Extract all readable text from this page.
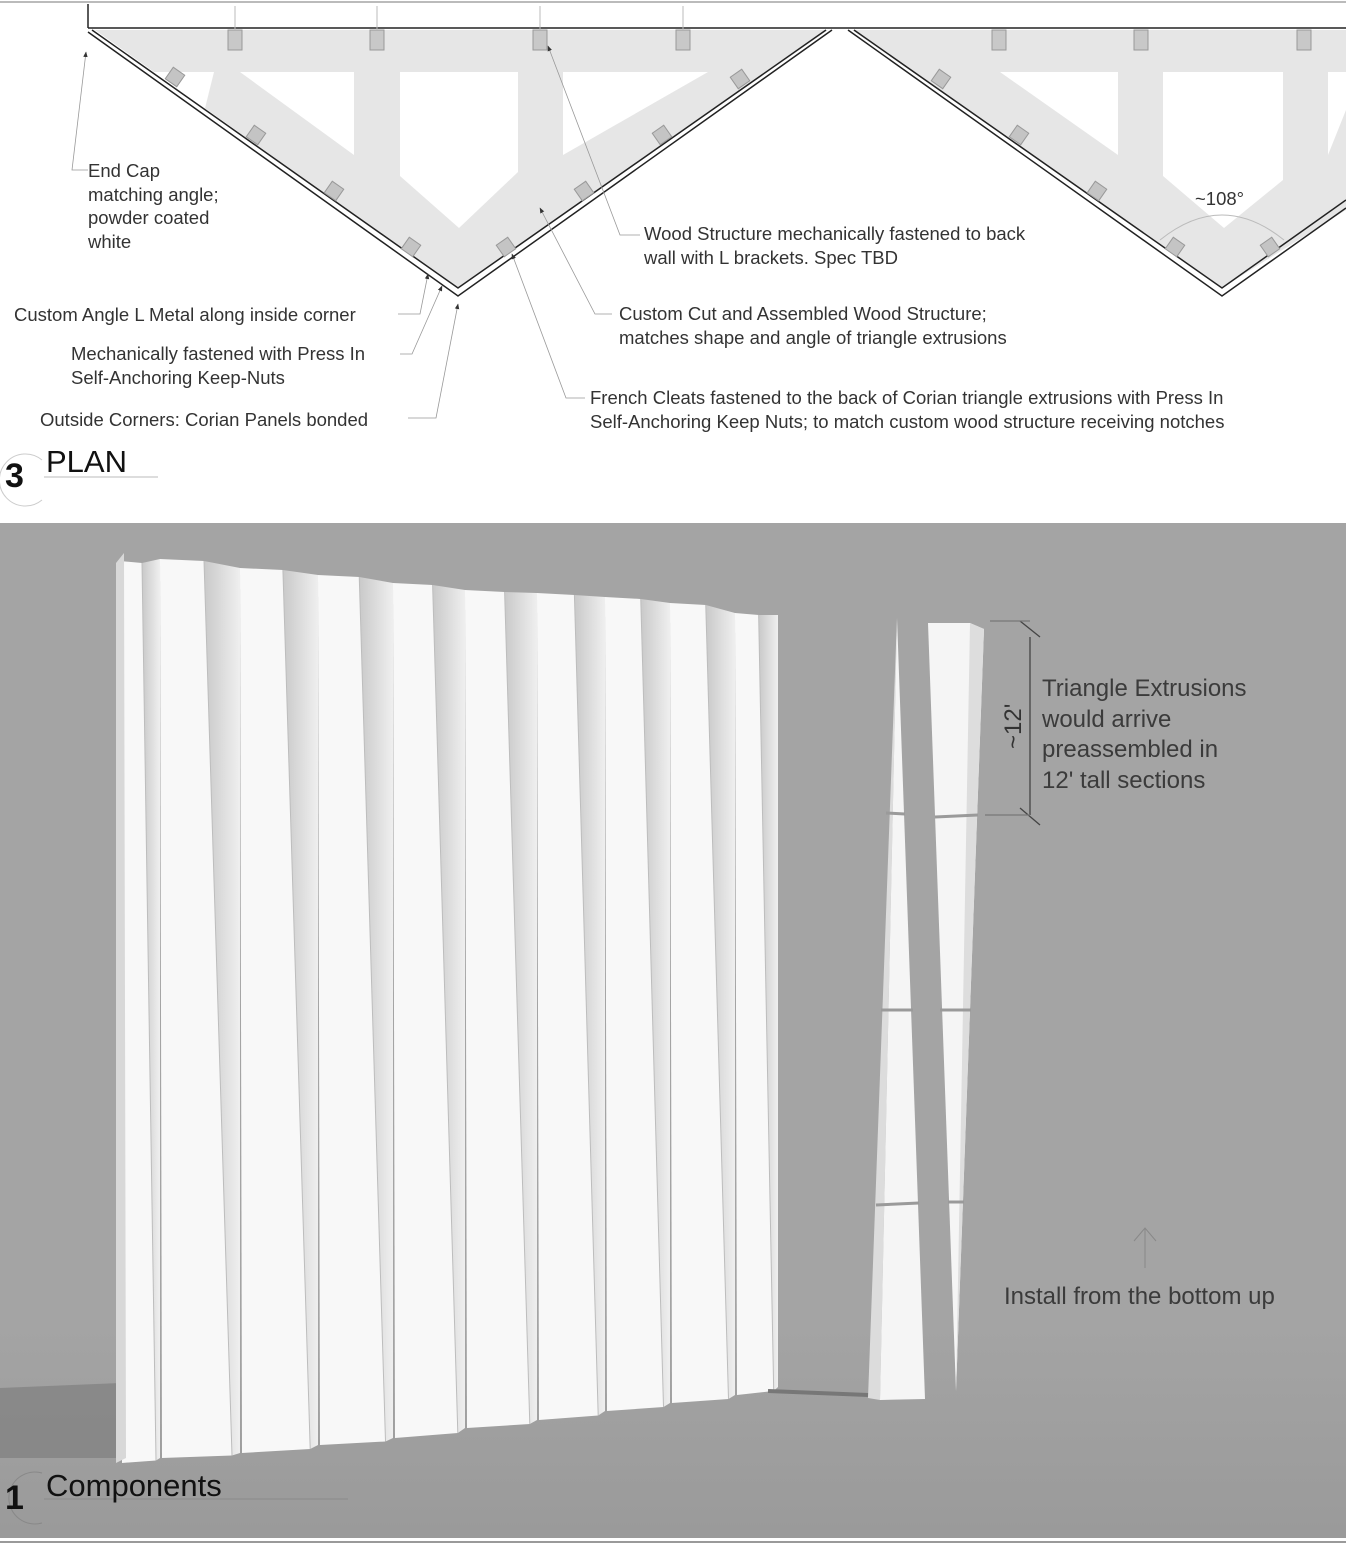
End Cap
matching angle;
powder coated
white
~108°
Wood Structure mechanically fastened to back
wall with L brackets. Spec TBD
Custom Angle L Metal along inside corner	Custom Cut and Assembled Wood Structure;
matches shape and angle of triangle extrusions
Mechanically fastened with Press In
Self-Anchoring Keep-Nuts
French Cleats fastened to the back of Corian triangle extrusions with Press In
Self-Anchoring Keep Nuts; to match custom wood structure receiving notches
Outside Corners: Corian Panels bonded
3 PLAN
~12'
Triangle Extrusions
would arrive
preassembled in
12' tall sections
Install from the bottom up
1 Components
